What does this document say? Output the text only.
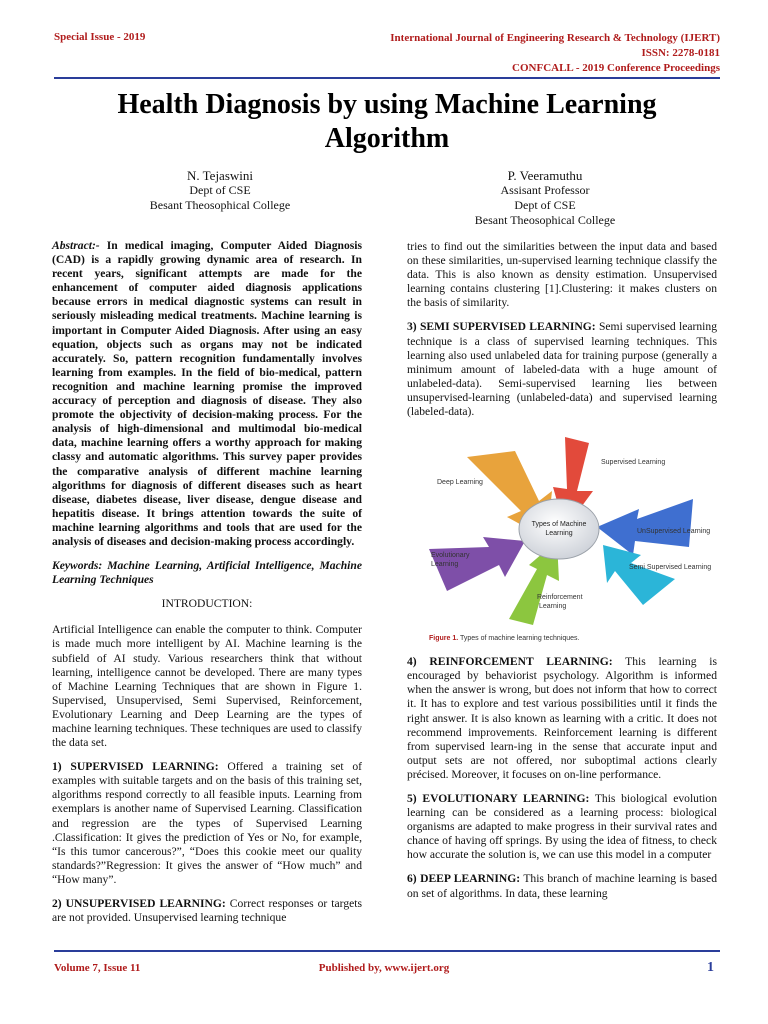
Special Issue - 2019	International Journal of Engineering Research & Technology (IJERT)
ISSN: 2278-0181
CONFCALL - 2019 Conference Proceedings
Health Diagnosis by using Machine Learning
Algorithm
N. Tejaswini
Dept of CSE
Besant Theosophical College
P. Veeramuthu
Assisant Professor
Dept of CSE
Besant Theosophical College

Abstract:- In medical imaging, Computer Aided Diagnosis (CAD) is a rapidly growing dynamic area of research. In recent years, significant attempts are made for the enhancement of computer aided diagnosis applications because errors in medical diagnostic systems can result in seriously misleading medical treatments. Machine learning is important in Computer Aided Diagnosis. After using an easy equation, objects such as organs may not be indicated accurately. So, pattern recognition fundamentally involves learning from examples. In the field of bio-medical, pattern recognition and machine learning promise the improved accuracy of perception and diagnosis of disease. They also promote the objectivity of decision-making process. For the analysis of high-dimensional and multimodal bio-medical data, machine learning offers a worthy approach for making classy and automatic algorithms. This survey paper provides the comparative analysis of different machine learning algorithms for diagnosis of different diseases such as heart disease, diabetes disease, liver disease, dengue disease and hepatitis disease. It brings attention towards the suite of machine learning algorithms and tools that are used for the analysis of diseases and decision-making process accordingly.

Keywords: Machine Learning, Artificial Intelligence, Machine Learning Techniques

INTRODUCTION:

Artificial Intelligence can enable the computer to think. Computer is made much more intelligent by AI. Machine learning is the subfield of AI study. Various researchers think that without learning, intelligence cannot be developed. There are many types of Machine Learning Techniques that are shown in Figure 1. Supervised, Unsupervised, Semi Supervised, Reinforcement, Evolutionary Learning and Deep Learning are the types of machine learning techniques. These techniques are used to classify the data set.

1) SUPERVISED LEARNING: Offered a training set of examples with suitable targets and on the basis of this training set, algorithms respond correctly to all feasible inputs. Learning from exemplars is another name of Supervised Learning. Classification and regression are the types of Supervised Learning .Classification: It gives the prediction of Yes or No, for example, “Is this tumor cancerous?”, “Does this cookie meet our quality standards?”Regression: It gives the answer of “How much” and “How many”.

2) UNSUPERVISED LEARNING: Correct responses or targets are not provided. Unsupervised learning technique

tries to find out the similarities between the input data and based on these similarities, un-supervised learning technique classify the data. This is also known as density estimation. Unsupervised learning contains clustering [1].Clustering: it makes clusters on the basis of similarity.

3) SEMI SUPERVISED LEARNING: Semi supervised learning technique is a class of supervised learning techniques. This learning also used unlabeled data for training purpose (generally a minimum amount of labeled-data with a huge amount of unlabeled-data). Semi-supervised learning lies between unsupervised-learning (unlabeled-data) and supervised learning (labeled-data).

Types of Machine
Learning
Deep Learning
Supervised Learning
UnSupervised Learning
Semi Supervised Learning
Reinforcement
Learning
Evolutionary
Learning
Figure 1. Types of machine learning techniques.

4) REINFORCEMENT LEARNING: This learning is encouraged by behaviorist psychology. Algorithm is informed when the answer is wrong, but does not inform that how to correct it. It has to explore and test various possibilities until it finds the right answer. It is also known as learning with a critic. It does not recommend improvements. Reinforcement learning is different from supervised learn-ing in the sense that accurate input and output sets are not offered, nor suboptimal actions clearly précised. Moreover, it focuses on on-line performance.

5) EVOLUTIONARY LEARNING: This biological evolution learning can be considered as a learning process: biological organisms are adapted to make progress in their survival rates and chance of having off springs. By using the idea of fitness, to check how accurate the solution is, we can use this model in a computer

6) DEEP LEARNING: This branch of machine learning is based on set of algorithms. In data, these learning

Volume 7, Issue 11	Published by, www.ijert.org	1
